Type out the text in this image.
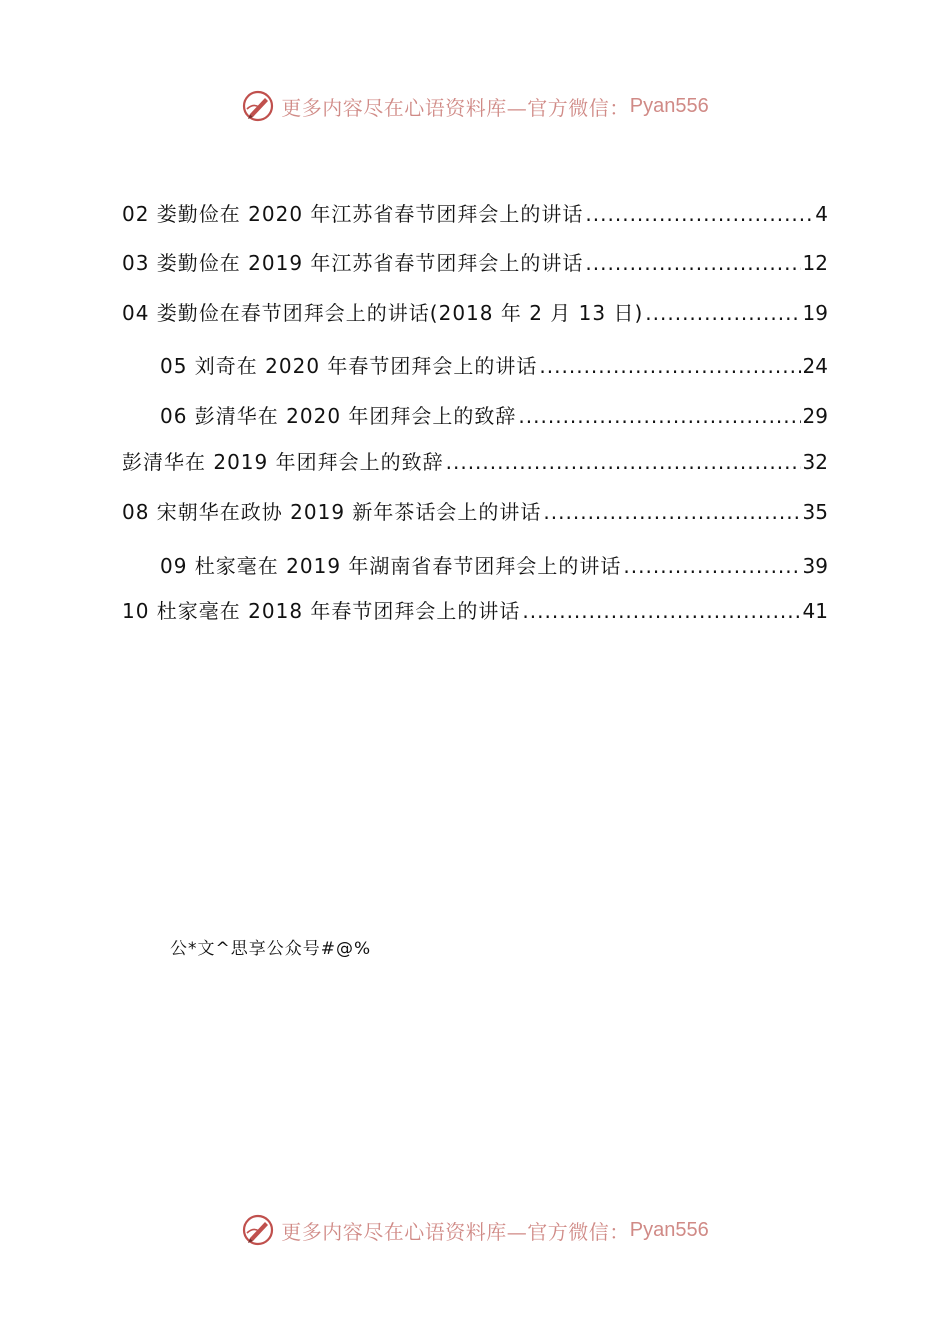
更多内容尽在心语资料库—官方微信： Pyan556
02 娄勤俭在 2020 年江苏省春节团拜会上的讲话 .....	4
03 娄勤俭在 2019 年江苏省春节团拜会上的讲话 .....	12
04 娄勤俭在春节团拜会上的讲话(2018 年 2 月 13 日) .....	19
05 刘奇在 2020 年春节团拜会上的讲话 .....	24
06 彭清华在 2020 年团拜会上的致辞 .....	29
彭清华在 2019 年团拜会上的致辞 .....	32
08 宋朝华在政协 2019 新年茶话会上的讲话 .....	35
09 杜家毫在 2019 年湖南省春节团拜会上的讲话 .....	39
10 杜家毫在 2018 年春节团拜会上的讲话 .....	41
公*文^思享公众号#@%
更多内容尽在心语资料库—官方微信： Pyan556
